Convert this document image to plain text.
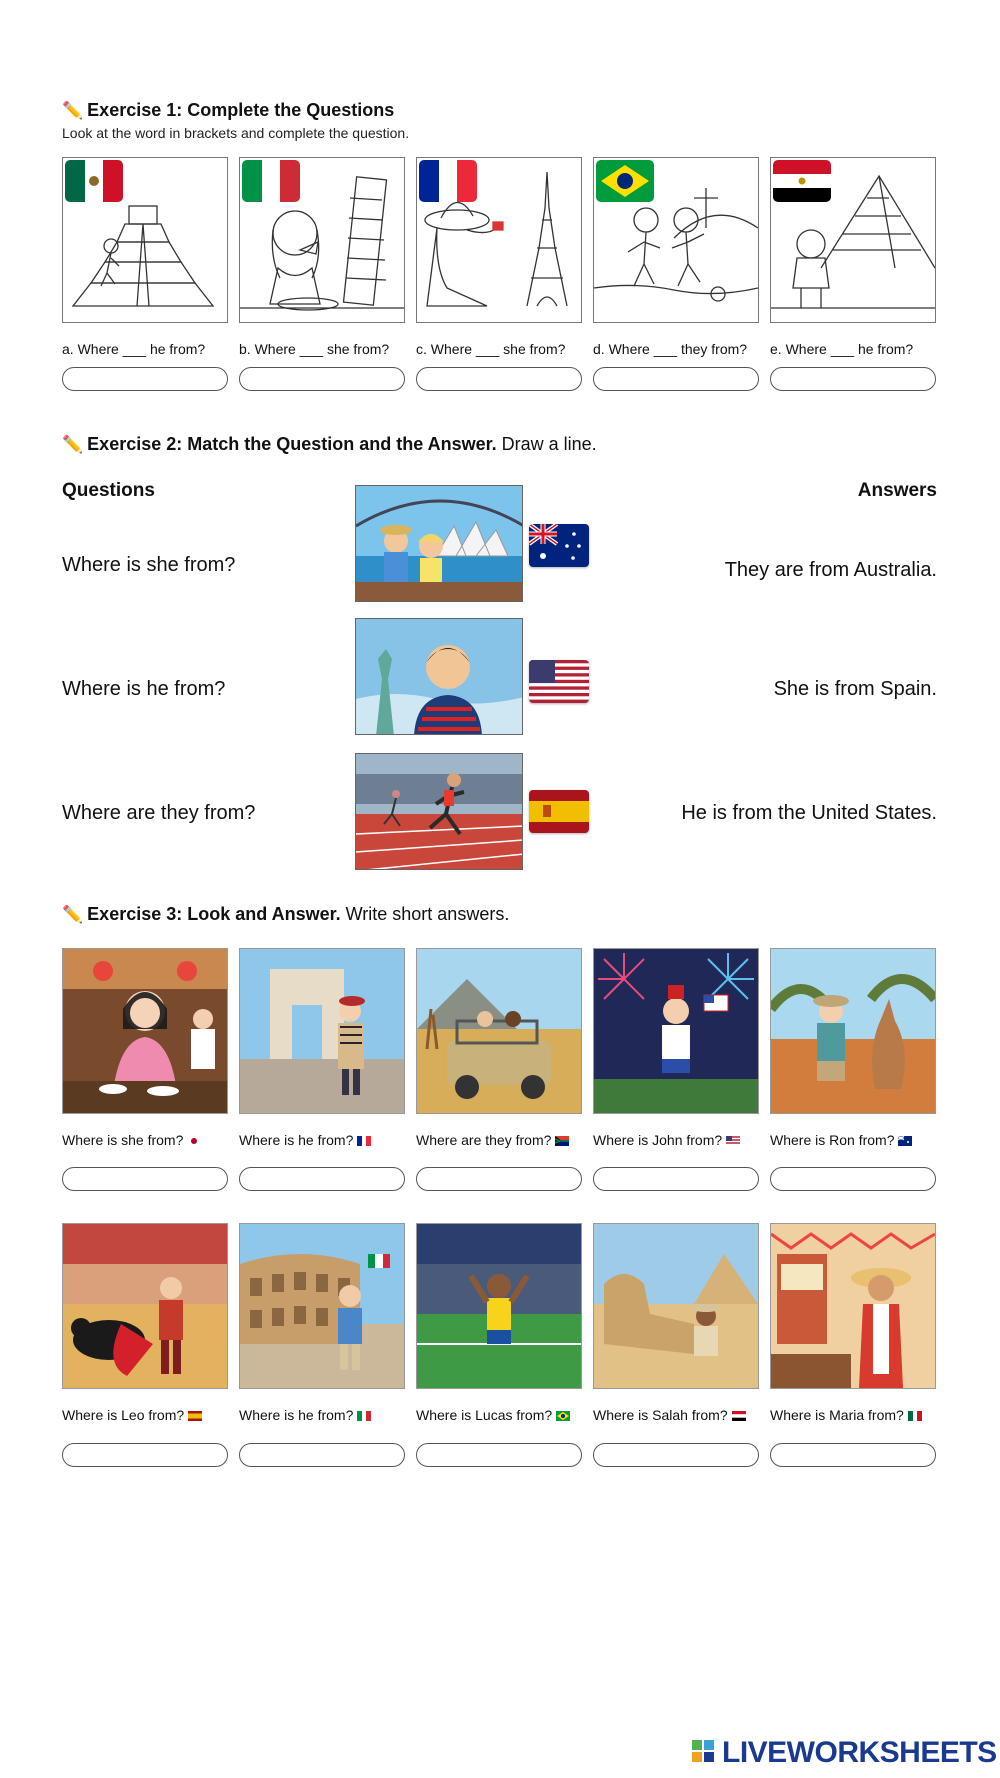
✏️ Exercise 1: Complete the Questions
Look at the word in brackets and complete the question.
a. Where ___ he from? b. Where ___ she from? c. Where ___ she from? d. Where ___ they from? e. Where ___ he from?
✏️ Exercise 2: Match the Question and the Answer. Draw a line.
Questions	Answers
Where is she from?
Where is he from?
Where are they from?
They are from Australia.
She is from Spain.
He is from the United States.
✏️ Exercise 3: Look and Answer. Write short answers.
Where is she from?	Where is he from?	Where are they from?	Where is John from?	Where is Ron from?
Where is Leo from?	Where is he from?	Where is Lucas from?	Where is Salah from?	Where is Maria from?
LIVEWORKSHEETS
